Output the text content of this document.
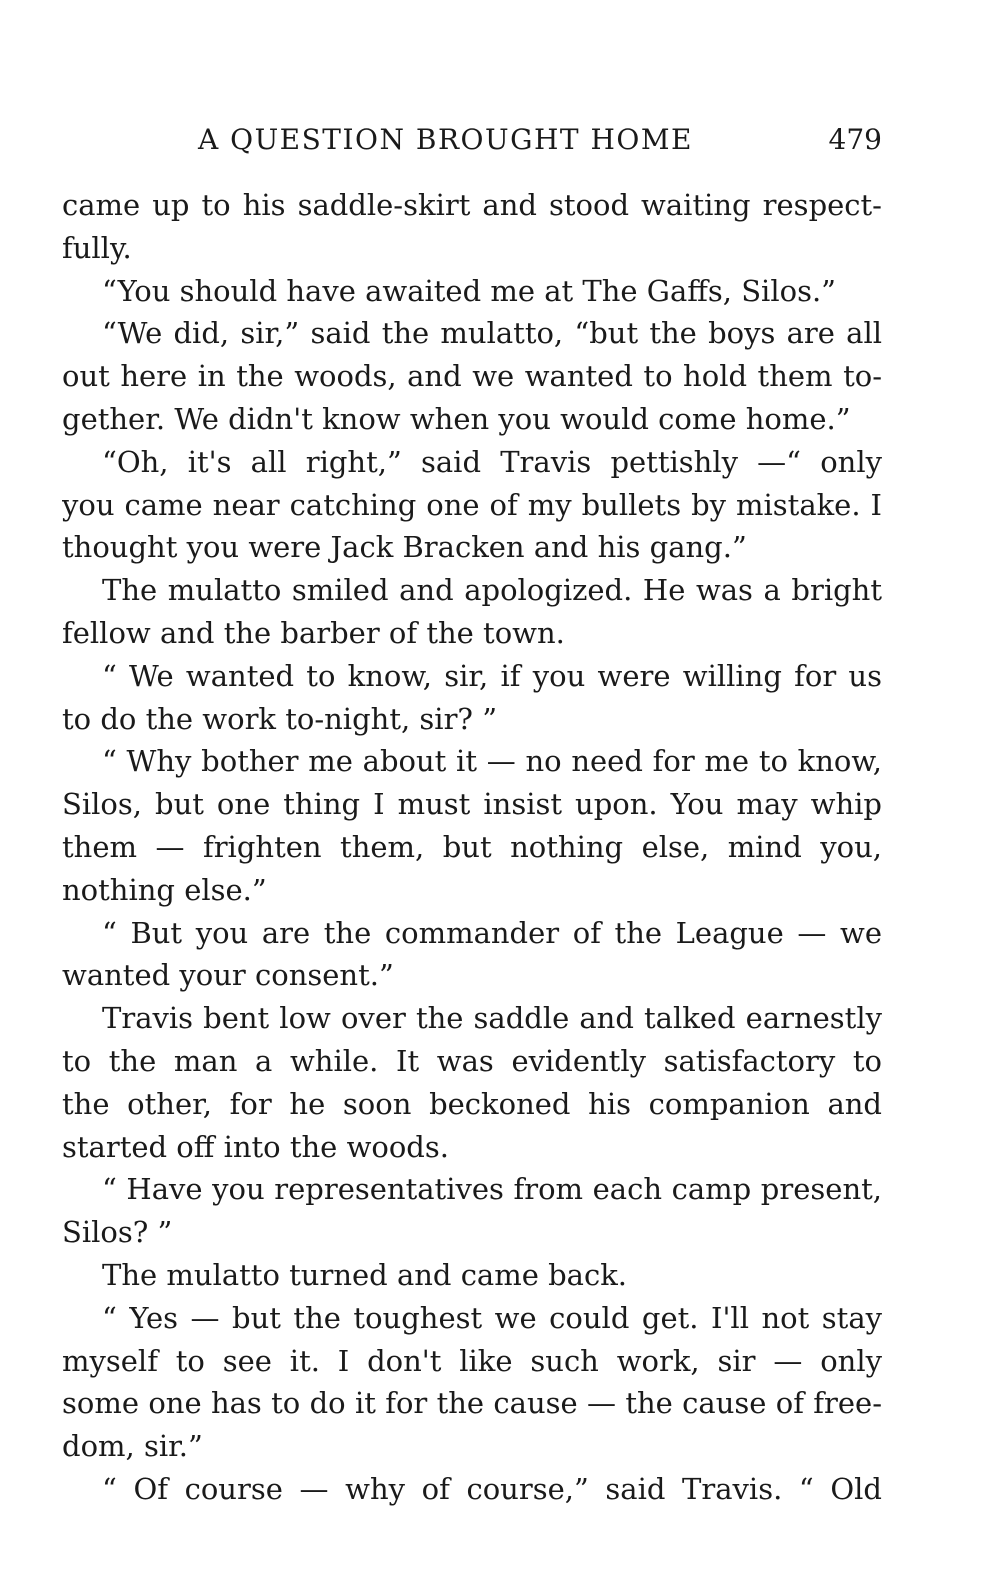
A QUESTION BROUGHT HOME	479
came up to his saddle-skirt and stood waiting respect-
fully.
“You should have awaited me at The Gaffs, Silos.”
“We did, sir,” said the mulatto, “but the boys are all
out here in the woods, and we wanted to hold them to-
gether. We didn't know when you would come home.”
“Oh, it's all right,” said Travis pettishly —“ only
you came near catching one of my bullets by mistake. I
thought you were Jack Bracken and his gang.”
The mulatto smiled and apologized. He was a bright
fellow and the barber of the town.
“ We wanted to know, sir, if you were willing for us
to do the work to-night, sir? ”
“ Why bother me about it — no need for me to know,
Silos, but one thing I must insist upon. You may whip
them — frighten them, but nothing else, mind you,
nothing else.”
“ But you are the commander of the League — we
wanted your consent.”
Travis bent low over the saddle and talked earnestly
to the man a while. It was evidently satisfactory to
the other, for he soon beckoned his companion and
started off into the woods.
“ Have you representatives from each camp present,
Silos? ”
The mulatto turned and came back.
“ Yes — but the toughest we could get. I'll not stay
myself to see it. I don't like such work, sir — only
some one has to do it for the cause — the cause of free-
dom, sir.”
“ Of course — why of course,” said Travis. “ Old
